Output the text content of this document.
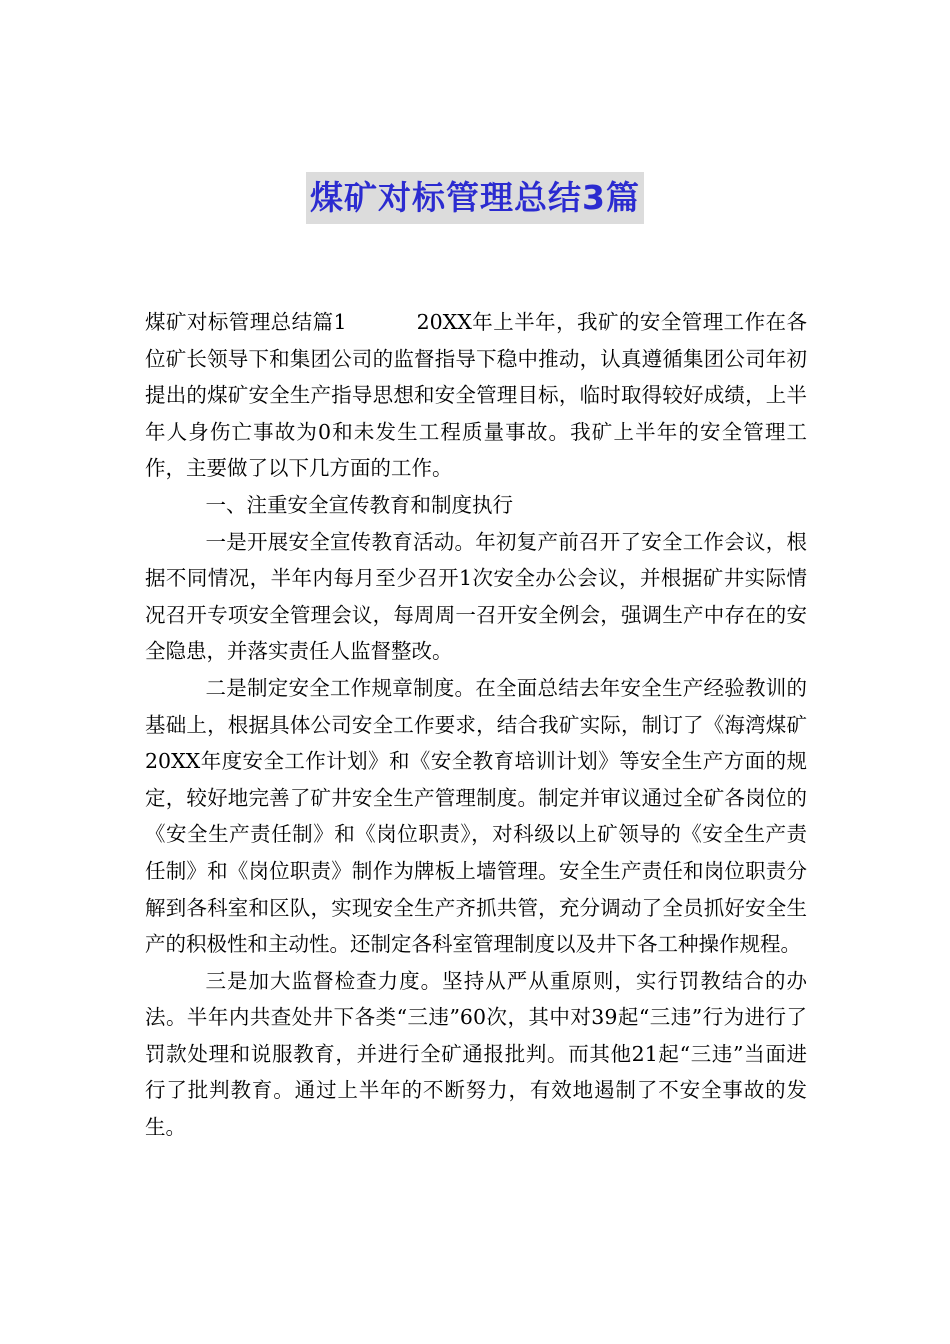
煤矿对标管理总结3篇

煤矿对标管理总结篇1	20XX年上半年，我矿的安全管理工作在各位矿长领导下和集团公司的监督指导下稳中推动，认真遵循集团公司年初提出的煤矿安全生产指导思想和安全管理目标，临时取得较好成绩，上半年人身伤亡事故为0和未发生工程质量事故。我矿上半年的安全管理工作，主要做了以下几方面的工作。

一、注重安全宣传教育和制度执行

一是开展安全宣传教育活动。年初复产前召开了安全工作会议，根据不同情况，半年内每月至少召开1次安全办公会议，并根据矿井实际情况召开专项安全管理会议，每周周一召开安全例会，强调生产中存在的安全隐患，并落实责任人监督整改。

二是制定安全工作规章制度。在全面总结去年安全生产经验教训的基础上，根据具体公司安全工作要求，结合我矿实际，制订了《海湾煤矿20XX年度安全工作计划》和《安全教育培训计划》等安全生产方面的规定，较好地完善了矿井安全生产管理制度。制定并审议通过全矿各岗位的《安全生产责任制》和《岗位职责》，对科级以上矿领导的《安全生产责任制》和《岗位职责》制作为牌板上墙管理。安全生产责任和岗位职责分解到各科室和区队，实现安全生产齐抓共管，充分调动了全员抓好安全生产的积极性和主动性。还制定各科室管理制度以及井下各工种操作规程。

三是加大监督检查力度。坚持从严从重原则，实行罚教结合的办法。半年内共查处井下各类“三违”60次，其中对39起“三违”行为进行了罚款处理和说服教育，并进行全矿通报批判。而其他21起“三违”当面进行了批判教育。通过上半年的不断努力，有效地遏制了不安全事故的发生。
